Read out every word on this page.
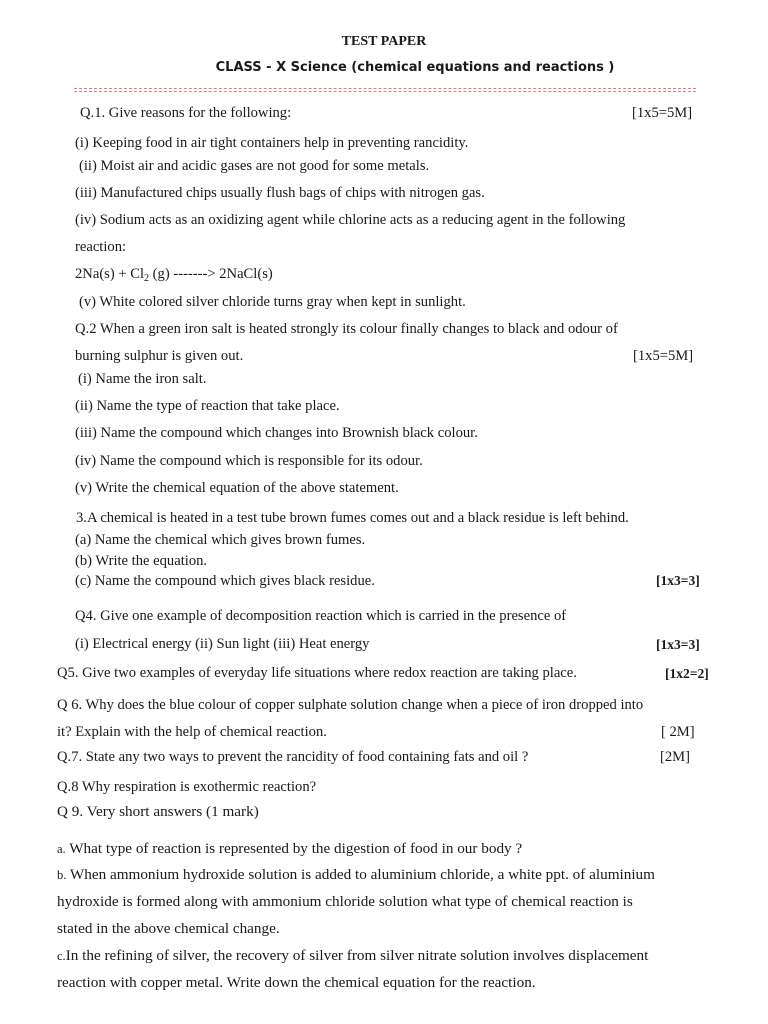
TEST PAPER
CLASS - X Science (chemical equations and reactions )
Q.1. Give reasons for the following:	[1x5=5M]
(i) Keeping food in air tight containers help in preventing rancidity.
(ii) Moist air and acidic gases are not good for some metals.
(iii) Manufactured chips usually flush bags of chips with nitrogen gas.
(iv) Sodium acts as an oxidizing agent while chlorine acts as a reducing agent in the following
reaction:
$2Na(s) + Cl_2$ (g) -------> 2NaCl(s)
(v) White colored silver chloride turns gray when kept in sunlight.
Q.2 When a green iron salt is heated strongly its colour finally changes to black and odour of
burning sulphur is given out.	[1x5=5M]
(i) Name the iron salt.
(ii) Name the type of reaction that take place.
(iii) Name the compound which changes into Brownish black colour.
(iv) Name the compound which is responsible for its odour.
(v) Write the chemical equation of the above statement.
3.A chemical is heated in a test tube brown fumes comes out and a black residue is left behind.
(a) Name the chemical which gives brown fumes.
(b) Write the equation.
(c) Name the compound which gives black residue.	[1x3=3]
Q4. Give one example of decomposition reaction which is carried in the presence of
(i) Electrical energy (ii) Sun light (iii) Heat energy	[1x3=3]
Q5. Give two examples of everyday life situations where redox reaction are taking place.	[1x2=2]
Q 6. Why does the blue colour of copper sulphate solution change when a piece of iron dropped into
it? Explain with the help of chemical reaction.	[ 2M]
Q.7. State any two ways to prevent the rancidity of food containing fats and oil ?	[2M]
Q.8 Why respiration is exothermic reaction?
Q 9. Very short answers (1 mark)
a. What type of reaction is represented by the digestion of food in our body ?
b. When ammonium hydroxide solution is added to aluminium chloride, a white ppt. of aluminium
hydroxide is formed along with ammonium chloride solution what type of chemical reaction is
stated in the above chemical change.
c.In the refining of silver, the recovery of silver from silver nitrate solution involves displacement
reaction with copper metal. Write down the chemical equation for the reaction.
